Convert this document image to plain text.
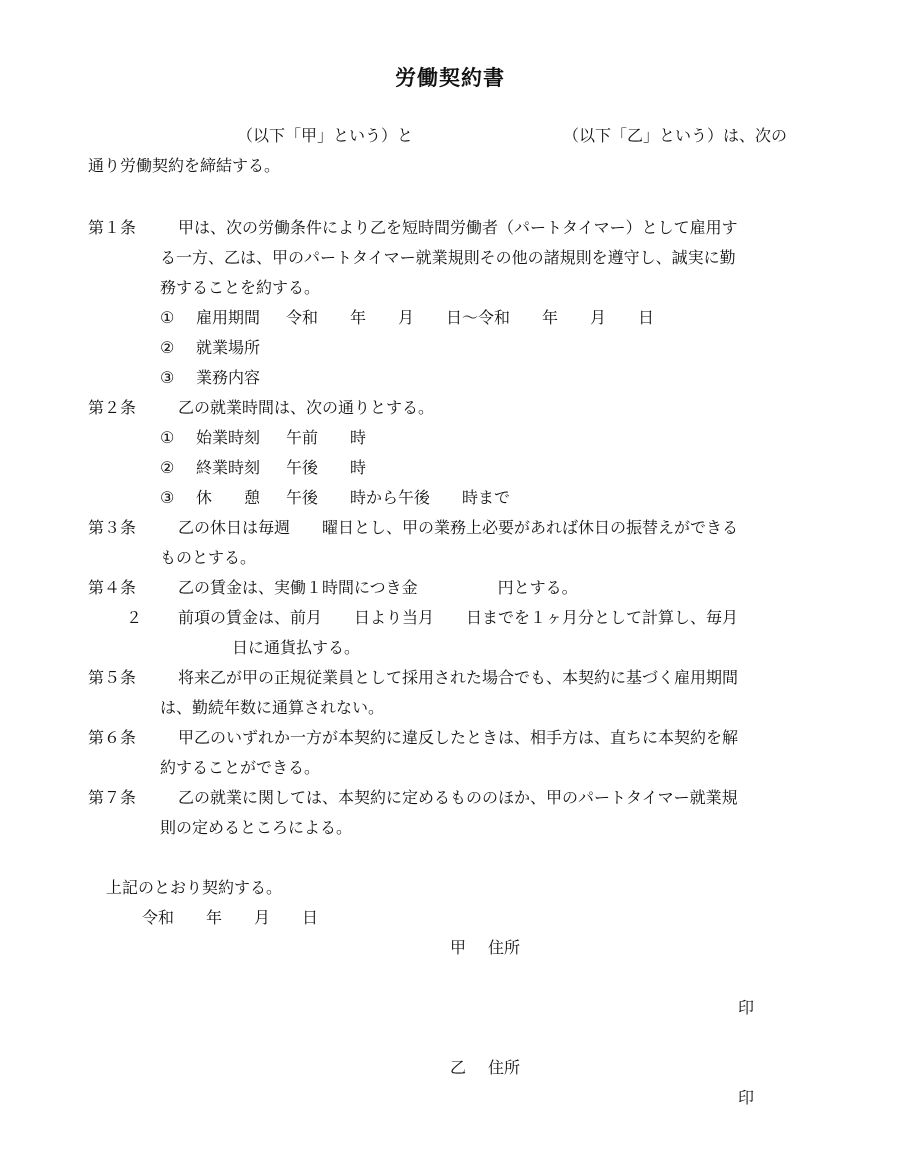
労働契約書
（以下「甲」という）と	（以下「乙」という）は、次の
通り労働契約を締結する。
第１条	甲は、次の労働条件により乙を短時間労働者（パートタイマー）として雇用す
る一方、乙は、甲のパートタイマー就業規則その他の諸規則を遵守し、誠実に勤
務することを約する。
① 雇用期間 令和　　年　　月　　日～令和　　年　　月　　日
② 就業場所
③ 業務内容
第２条	乙の就業時間は、次の通りとする。
① 始業時刻 午前　　時
② 終業時刻 午後　　時
③ 休　　憩 午後　　時から午後　　時まで
第３条	乙の休日は毎週　　曜日とし、甲の業務上必要があれば休日の振替えができる
ものとする。
第４条	乙の賃金は、実働１時間につき金　　　　　円とする。
２ 前項の賃金は、前月　　日より当月　　日までを１ヶ月分として計算し、毎月
日に通貨払する。
第５条	将来乙が甲の正規従業員として採用された場合でも、本契約に基づく雇用期間
は、勤続年数に通算されない。
第６条	甲乙のいずれか一方が本契約に違反したときは、相手方は、直ちに本契約を解
約することができる。
第７条	乙の就業に関しては、本契約に定めるもののほか、甲のパートタイマー就業規
則の定めるところによる。
上記のとおり契約する。
令和　　年　　月　　日
甲 住所
印
乙 住所
印
